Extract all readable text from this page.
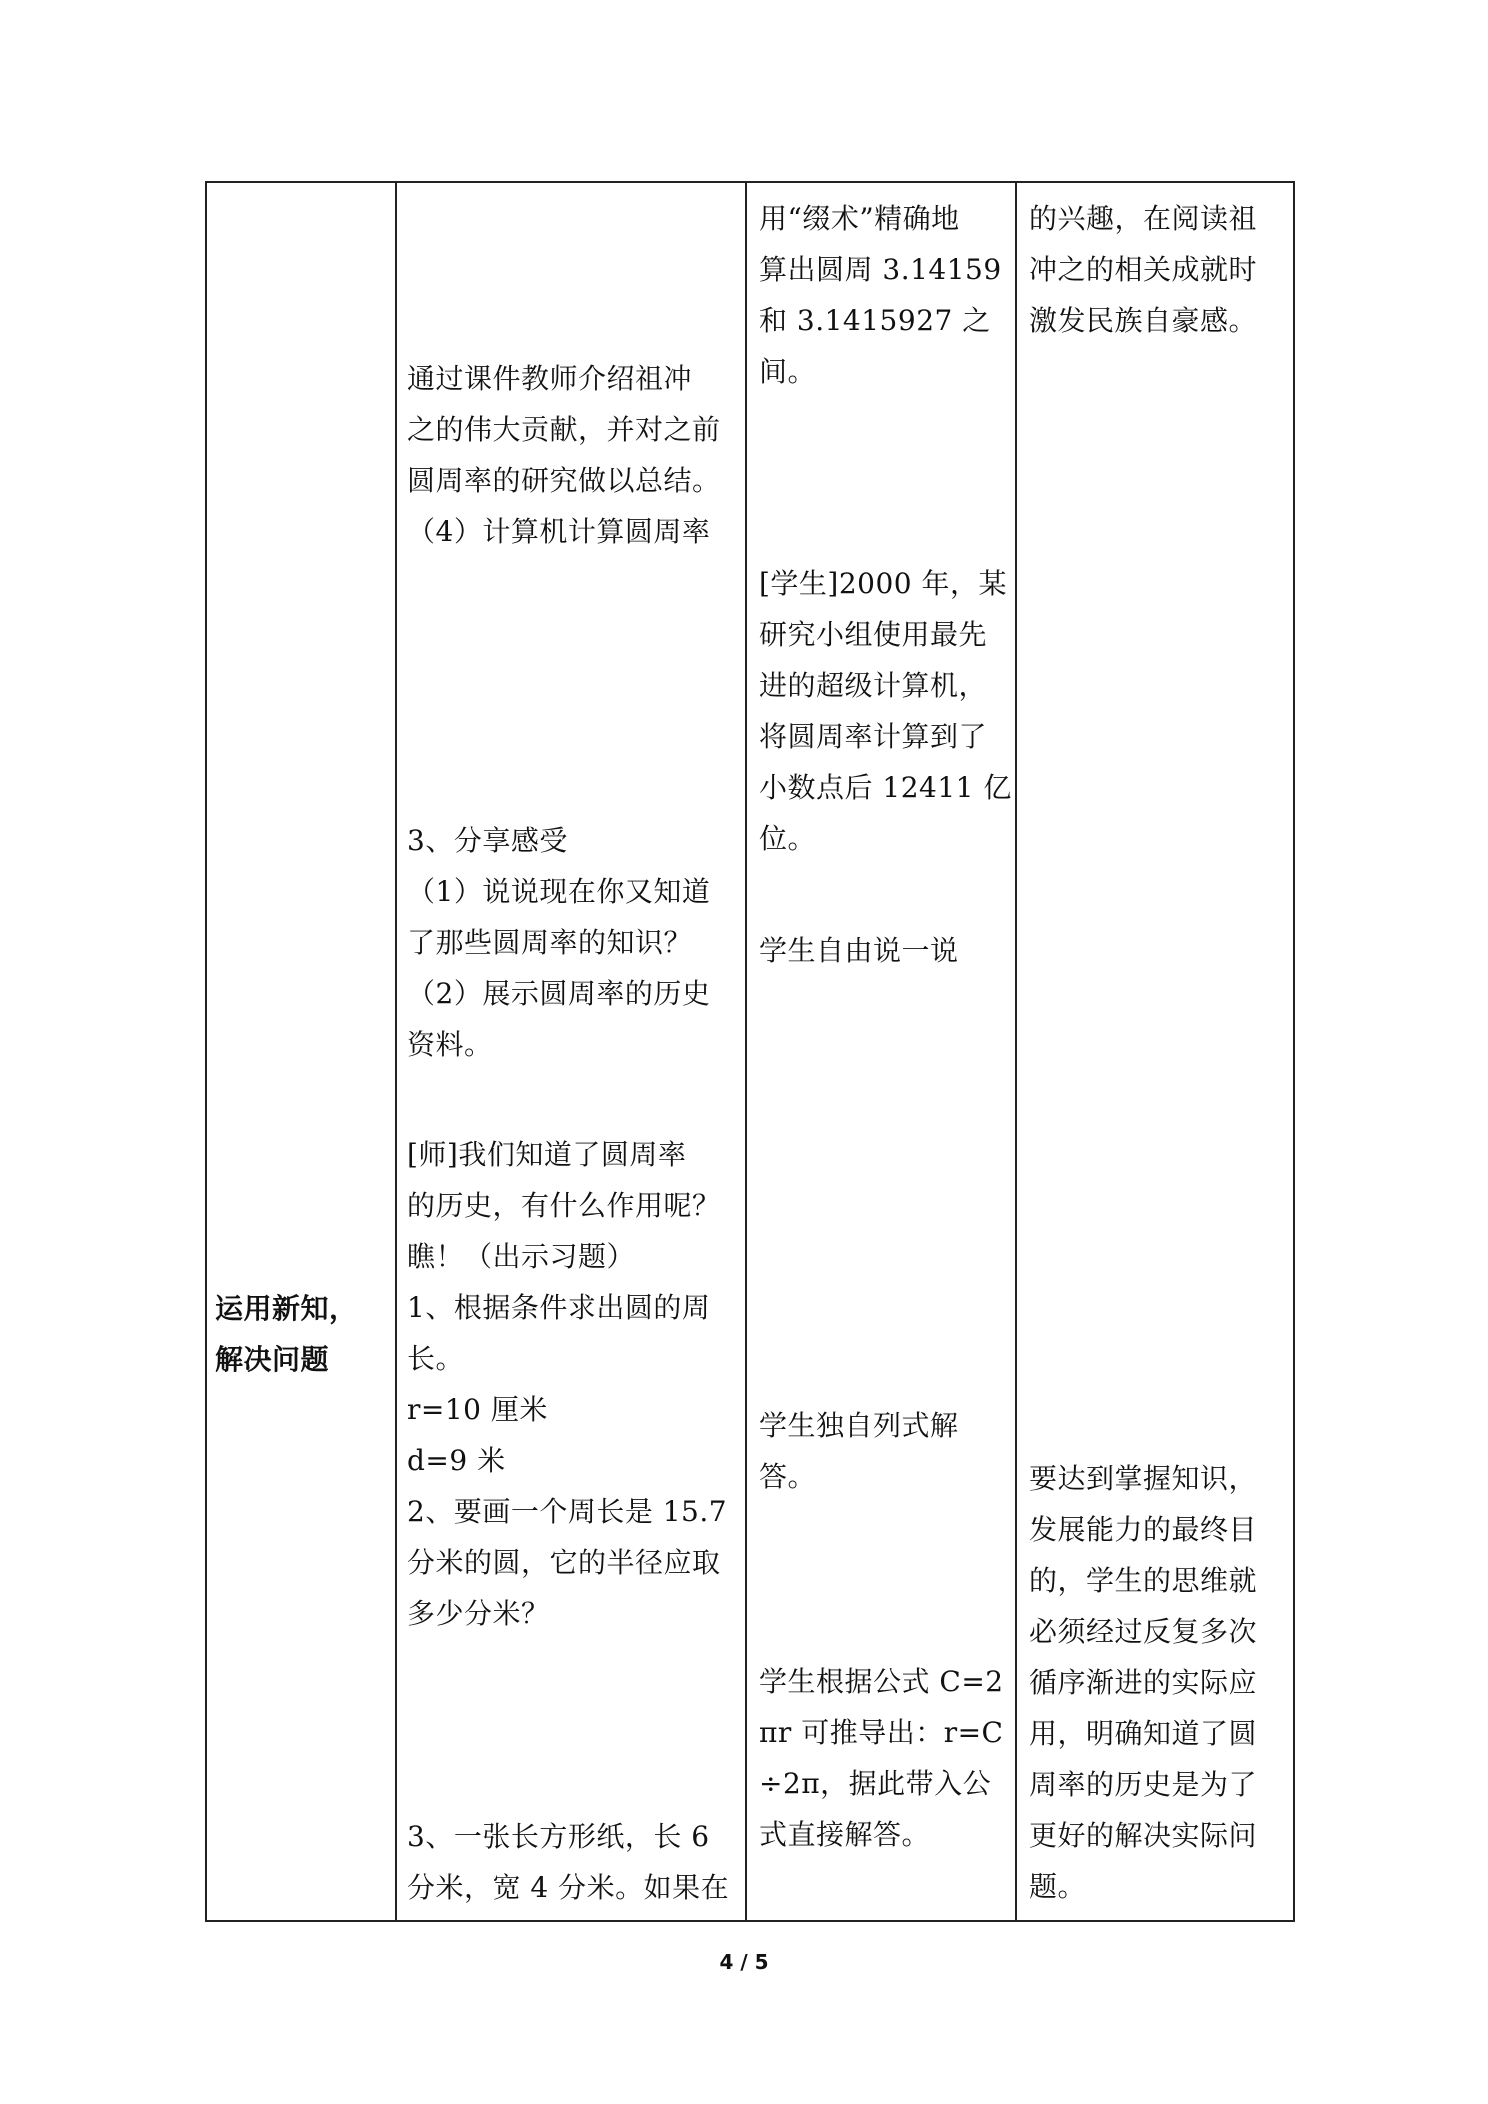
运用新知，
解决问题
通过课件教师介绍祖冲
之的伟大贡献，并对之前
圆周率的研究做以总结。
（4）计算机计算圆周率
3、分享感受
（1）说说现在你又知道
了那些圆周率的知识？
（2）展示圆周率的历史
资料。
[师]我们知道了圆周率
的历史，有什么作用呢？
瞧！（出示习题）
1、根据条件求出圆的周
长。
r=10 厘米
d=9 米
2、要画一个周长是 15.7
分米的圆，它的半径应取
多少分米？
3、一张长方形纸，长 6
分米，宽 4 分米。如果在
用“缀术”精确地
算出圆周 3.14159
和 3.1415927 之
间。
[学生]2000 年，某
研究小组使用最先
进的超级计算机，
将圆周率计算到了
小数点后 12411 亿
位。
学生自由说一说
学生独自列式解
答。
学生根据公式 C=2
πr 可推导出：r=C
÷2π，据此带入公
式直接解答。
的兴趣，在阅读祖
冲之的相关成就时
激发民族自豪感。
要达到掌握知识，
发展能力的最终目
的，学生的思维就
必须经过反复多次
循序渐进的实际应
用，明确知道了圆
周率的历史是为了
更好的解决实际问
题。
4 / 5
